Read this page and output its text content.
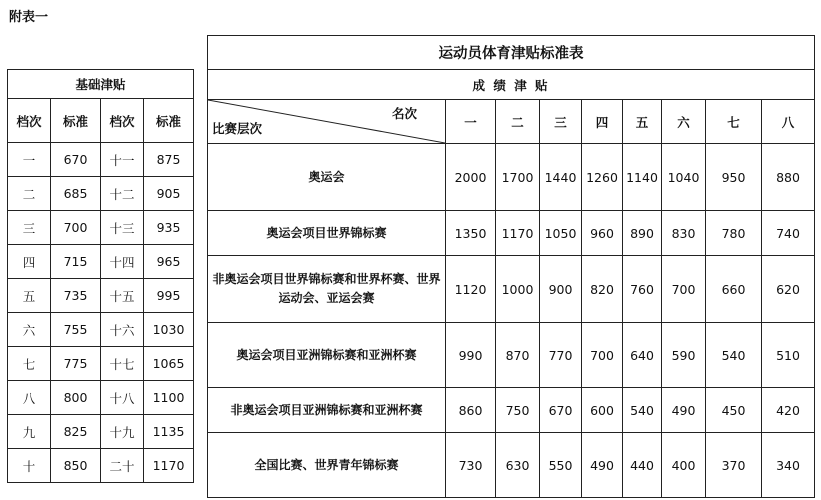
附表一
基础津贴			
档次	标准	档次	标准
一	670	十一	875
二	685	十二	905
三	700	十三	935
四	715	十四	965
五	735	十五	995
六	755	十六	1030
七	775	十七	1065
八	800	十八	1100
九	825	十九	1135
十	850	二十	1170
运动员体育津贴标准表								
成 绩 津 贴								

名次
比赛层次	一	二	三	四	五	六	七	八
奥运会	2000	1700	1440	1260	1140	1040	950	880
奥运会项目世界锦标赛	1350	1170	1050	960	890	830	780	740
非奥运会项目世界锦标赛和世界杯赛、世界运动会、亚运会赛	1120	1000	900	820	760	700	660	620
奥运会项目亚洲锦标赛和亚洲杯赛	990	870	770	700	640	590	540	510
非奥运会项目亚洲锦标赛和亚洲杯赛	860	750	670	600	540	490	450	420
全国比赛、世界青年锦标赛	730	630	550	490	440	400	370	340
